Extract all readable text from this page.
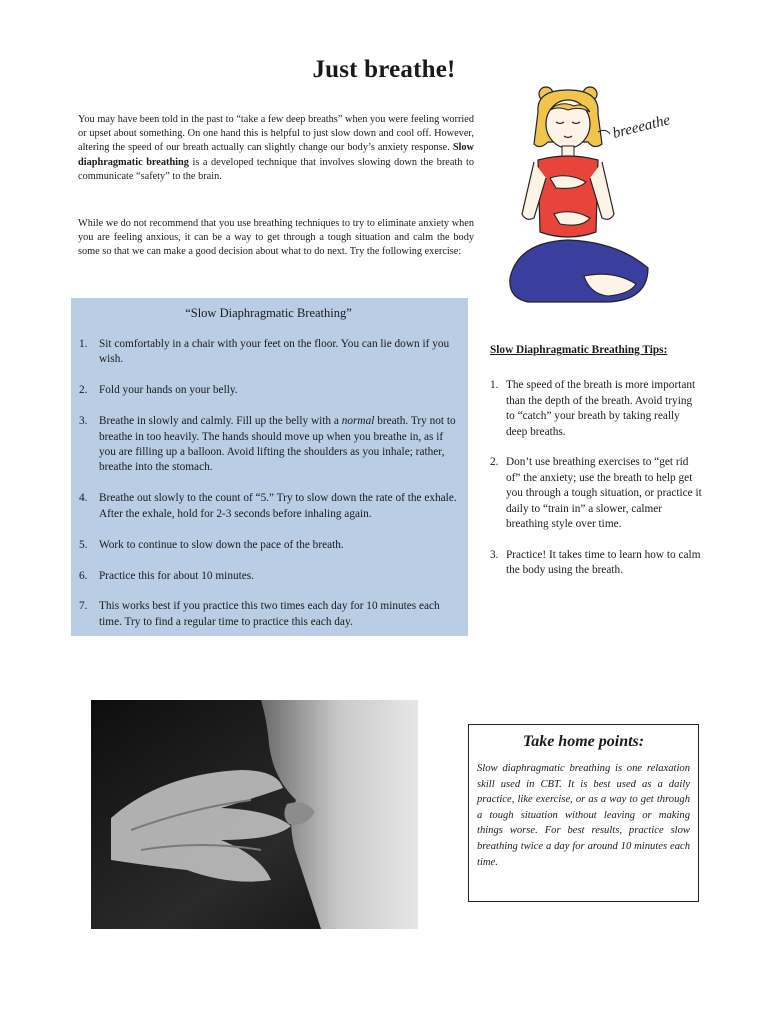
Just breathe!

You may have been told in the past to “take a few deep breaths” when you were feeling worried or upset about something. On one hand this is helpful to just slow down and cool off. However, altering the speed of our breath actually can slightly change our body’s anxiety response. Slow diaphragmatic breathing is a developed technique that involves slowing down the breath to communicate “safety” to the brain.

While we do not recommend that you use breathing techniques to try to eliminate anxiety when you are feeling anxious, it can be a way to get through a tough situation and calm the body some so that we can make a good decision about what to do next. Try the following exercise:

breeeathe
“Slow Diaphragmatic Breathing”
1. Sit comfortably in a chair with your feet on the floor. You can lie down if you wish.
2. Fold your hands on your belly.
3. Breathe in slowly and calmly. Fill up the belly with a normal breath. Try not to breathe in too heavily. The hands should move up when you breathe in, as if you are filling up a balloon. Avoid lifting the shoulders as you inhale; rather, breathe into the stomach.
4. Breathe out slowly to the count of “5.” Try to slow down the rate of the exhale. After the exhale, hold for 2-3 seconds before inhaling again.
5. Work to continue to slow down the pace of the breath.
6. Practice this for about 10 minutes.
7. This works best if you practice this two times each day for 10 minutes each time. Try to find a regular time to practice this each day.
Slow Diaphragmatic Breathing Tips:
1. The speed of the breath is more important than the depth of the breath. Avoid trying to “catch” your breath by taking really deep breaths.
2. Don’t use breathing exercises to “get rid of” the anxiety; use the breath to help get you through a tough situation, or practice it daily to “train in” a slower, calmer breathing style over time.
3. Practice! It takes time to learn how to calm the body using the breath.
Take home points:

Slow diaphragmatic breathing is one relaxation skill used in CBT. It is best used as a daily practice, like exercise, or as a way to get through a tough situation without leaving or making things worse. For best results, practice slow breathing twice a day for around 10 minutes each time.
